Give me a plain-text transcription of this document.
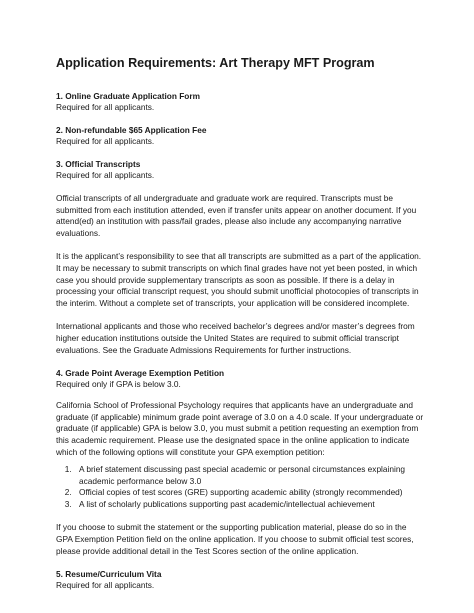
Application Requirements: Art Therapy MFT Program

1. Online Graduate Application Form

Required for all applicants.

2. Non-refundable $65 Application Fee

Required for all applicants.

3. Official Transcripts

Required for all applicants.

Official transcripts of all undergraduate and graduate work are required. Transcripts must be submitted from each institution attended, even if transfer units appear on another document. If you attend(ed) an institution with pass/fail grades, please also include any accompanying narrative evaluations.

It is the applicant’s responsibility to see that all transcripts are submitted as a part of the application. It may be necessary to submit transcripts on which final grades have not yet been posted, in which case you should provide supplementary transcripts as soon as possible. If there is a delay in processing your official transcript request, you should submit unofficial photocopies of transcripts in the interim. Without a complete set of transcripts, your application will be considered incomplete.

International applicants and those who received bachelor’s degrees and/or master’s degrees from higher education institutions outside the United States are required to submit official transcript evaluations. See the Graduate Admissions Requirements for further instructions.

4. Grade Point Average Exemption Petition

Required only if GPA is below 3.0.

California School of Professional Psychology requires that applicants have an undergraduate and graduate (if applicable) minimum grade point average of 3.0 on a 4.0 scale. If your undergraduate or graduate (if applicable) GPA is below 3.0, you must submit a petition requesting an exemption from this academic requirement. Please use the designated space in the online application to indicate which of the following options will constitute your GPA exemption petition:

1. A brief statement discussing past special academic or personal circumstances explaining academic performance below 3.0
2. Official copies of test scores (GRE) supporting academic ability (strongly recommended)
3. A list of scholarly publications supporting past academic/intellectual achievement

If you choose to submit the statement or the supporting publication material, please do so in the GPA Exemption Petition field on the online application. If you choose to submit official test scores, please provide additional detail in the Test Scores section of the online application.

5. Resume/Curriculum Vita

Required for all applicants.
